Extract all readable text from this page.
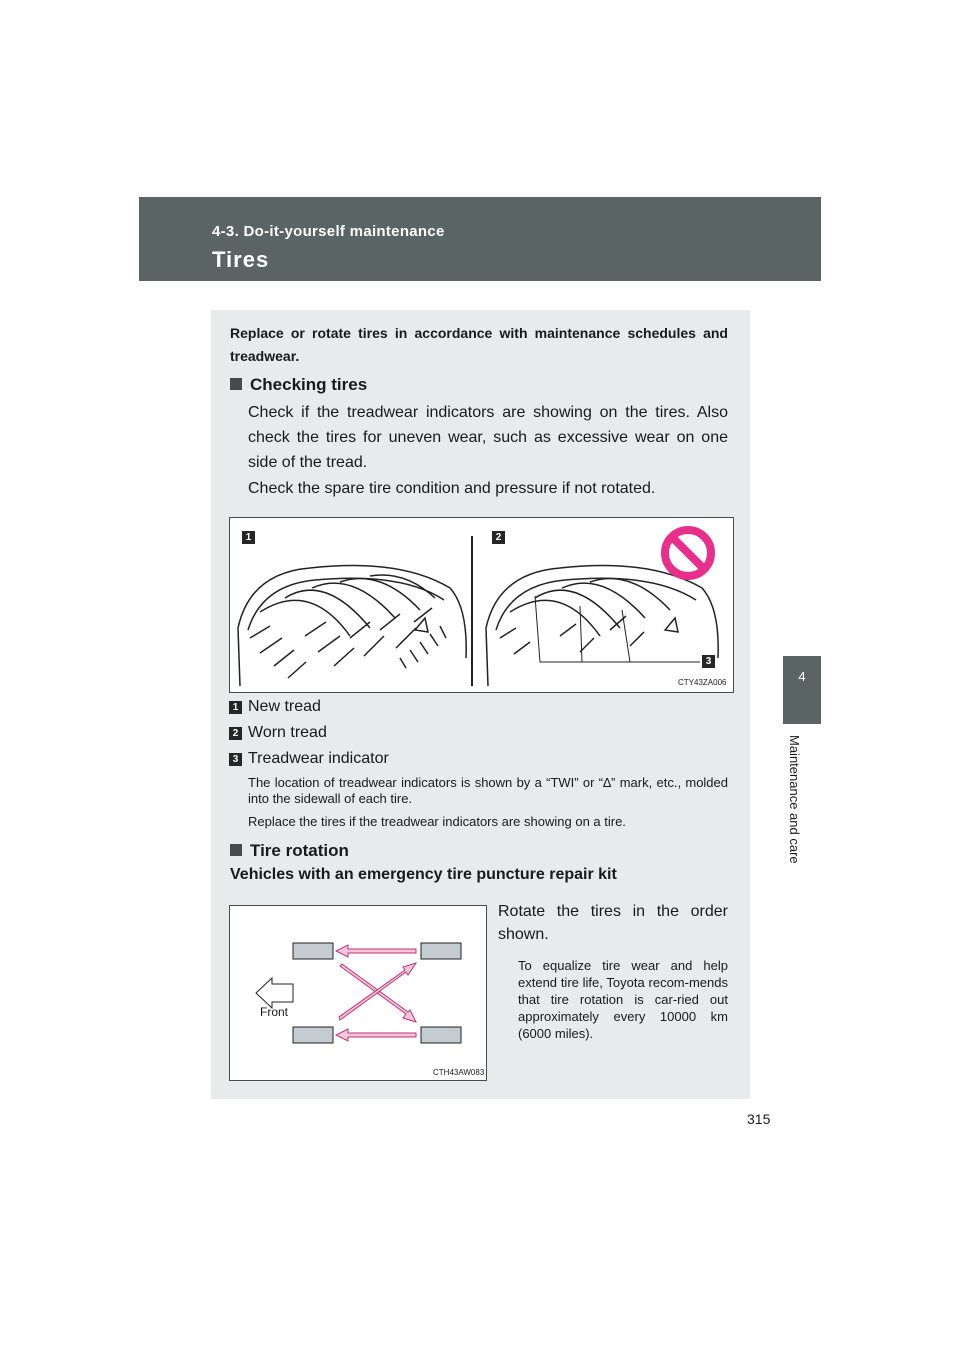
4-3. Do-it-yourself maintenance
Tires
4
Maintenance and care
Replace or rotate tires in accordance with maintenance schedules and treadwear.
Checking tires
Check if the treadwear indicators are showing on the tires. Also check the tires for uneven wear, such as excessive wear on one side of the tread.
Check the spare tire condition and pressure if not rotated.
1	2
3
CTY43ZA006
1 New tread
2 Worn tread
3 Treadwear indicator
The location of treadwear indicators is shown by a “TWI” or “∆” mark, etc., molded into the sidewall of each tire.
Replace the tires if the treadwear indicators are showing on a tire.
Tire rotation
Vehicles with an emergency tire puncture repair kit
Front
CTH43AW083
Rotate the tires in the order shown.
To equalize tire wear and help extend tire life, Toyota recom-mends that tire rotation is car-ried out approximately every 10000 km (6000 miles).
315
